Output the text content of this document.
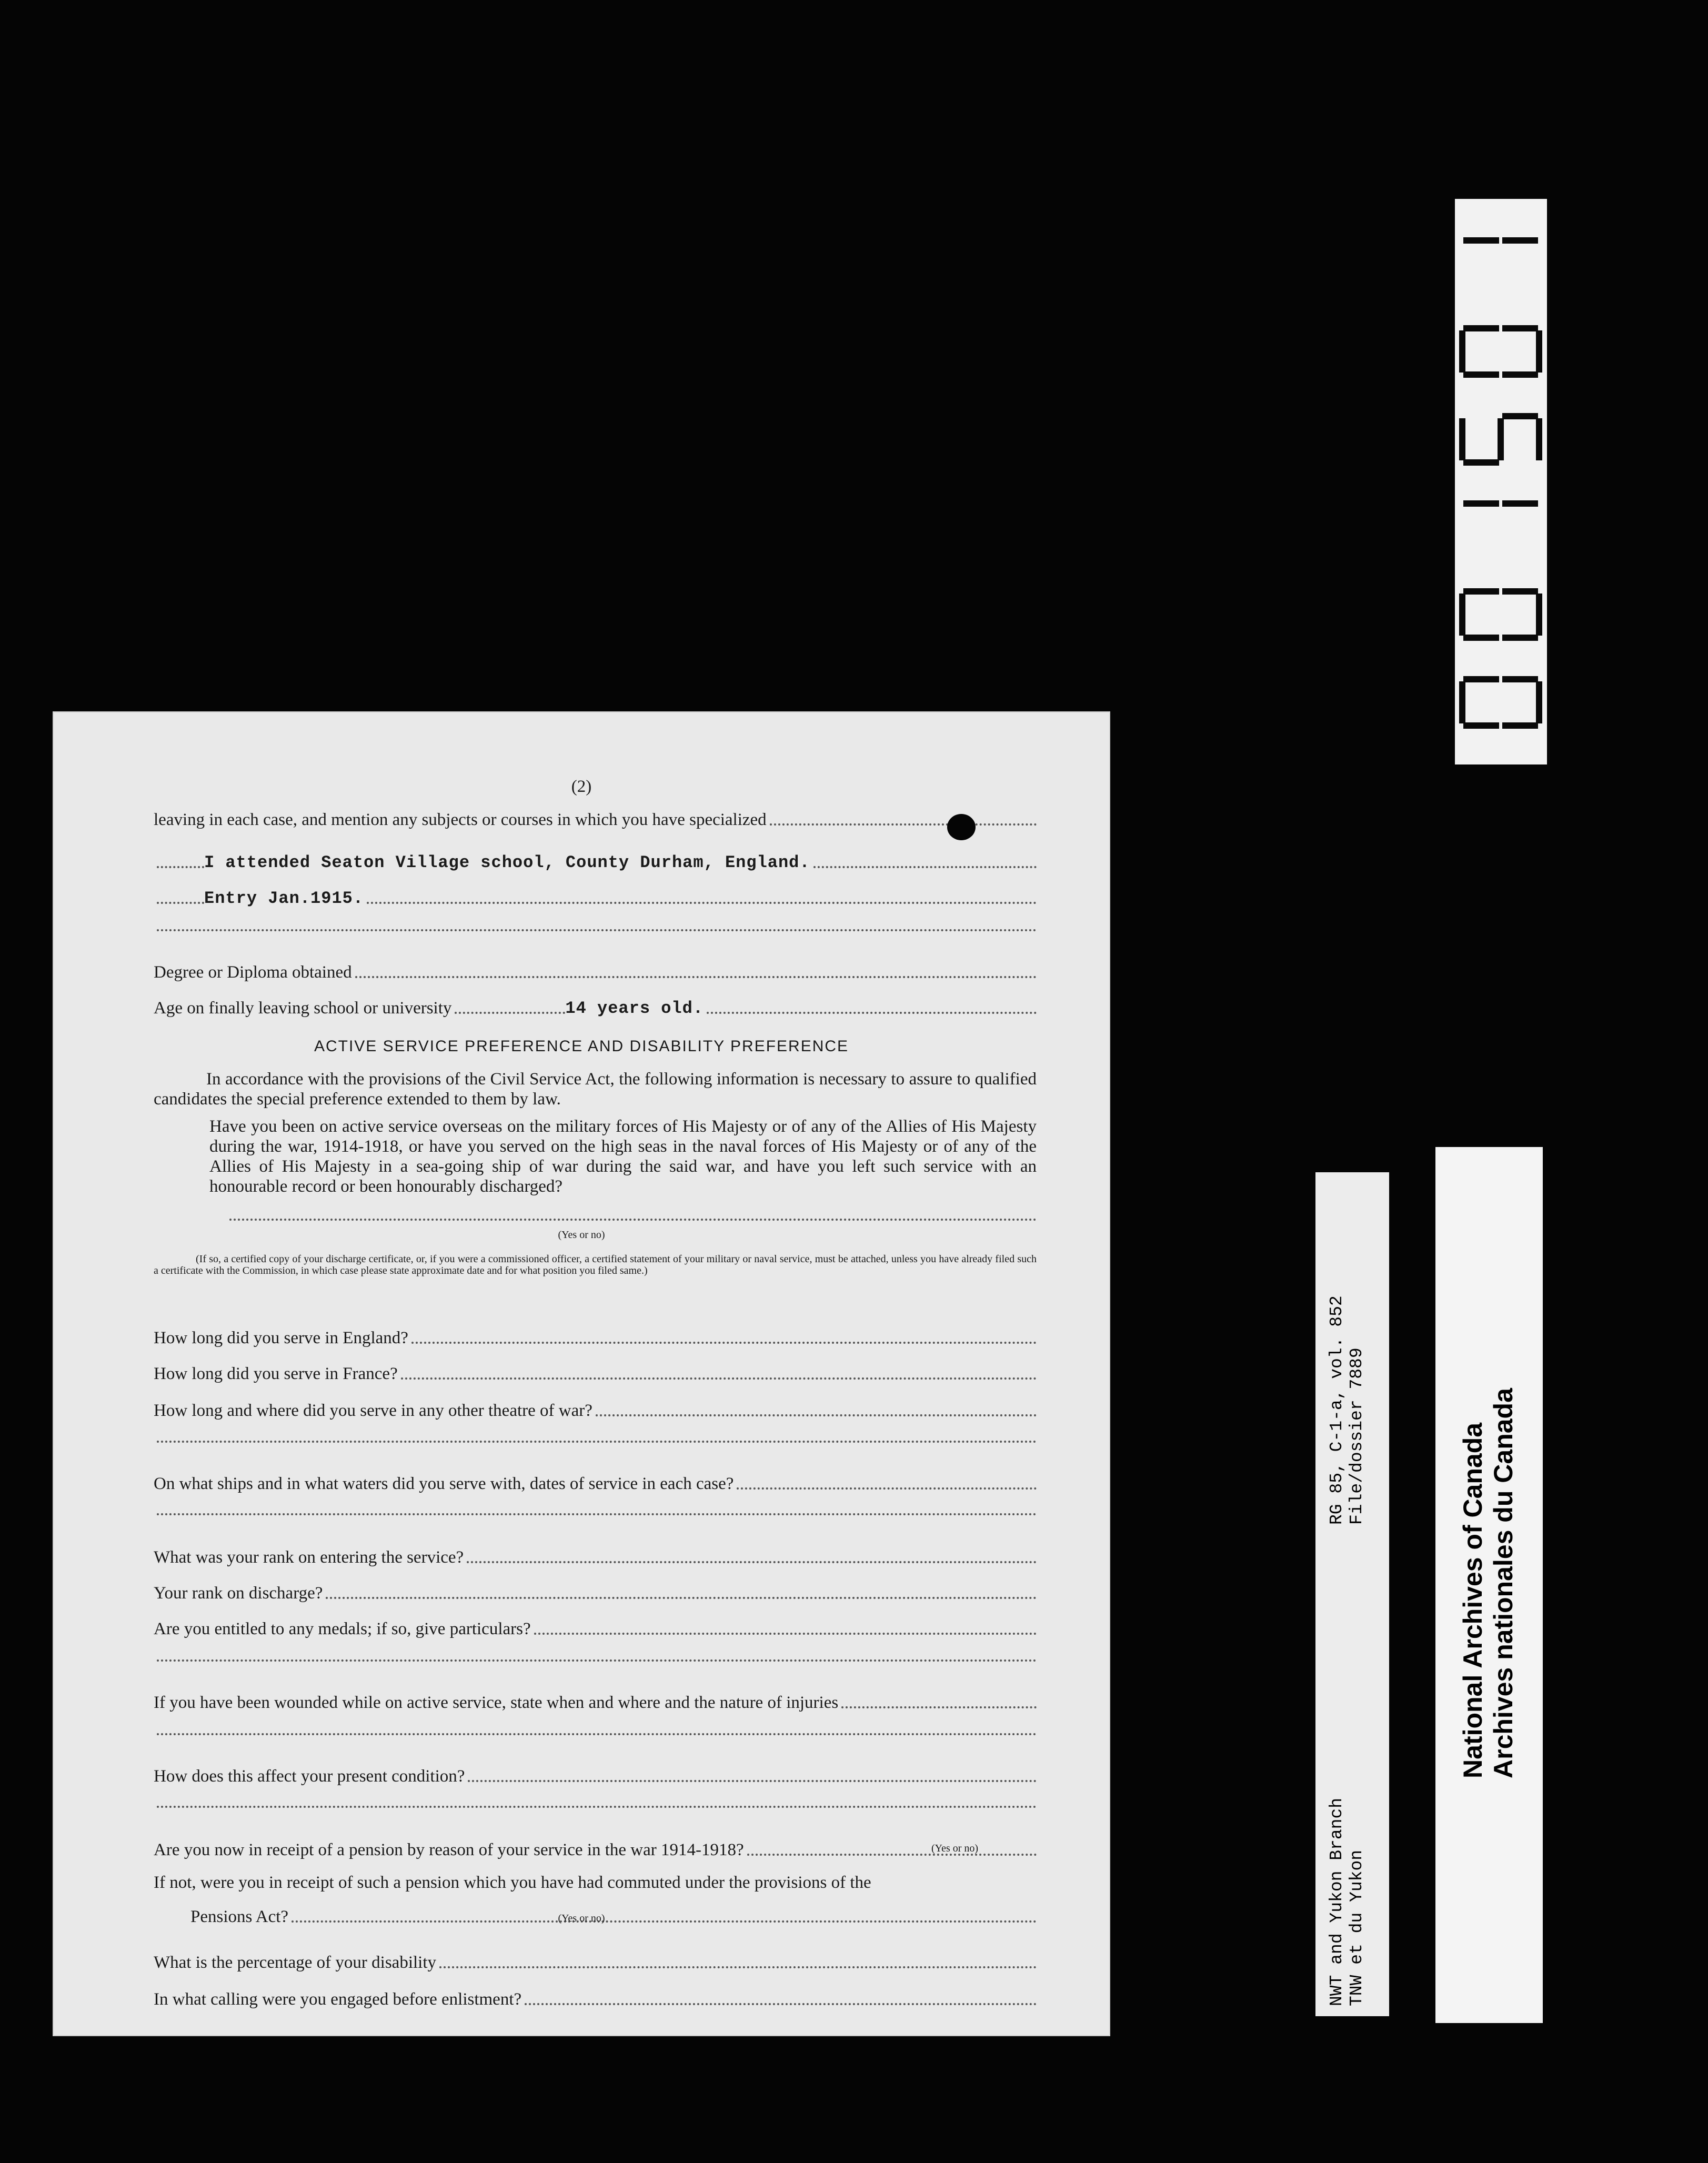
(2)
leaving in each case, and mention any subjects or courses in which you have specialized
I attended Seaton Village school, County Durham, England.
Entry Jan.1915.
Degree or Diploma obtained
Age on finally leaving school or university	14 years old.
ACTIVE SERVICE PREFERENCE AND DISABILITY PREFERENCE
In accordance with the provisions of the Civil Service Act, the following information is necessary to assure to qualified candidates the special preference extended to them by law.
Have you been on active service overseas on the military forces of His Majesty or of any of the Allies of His Majesty during the war, 1914-1918, or have you served on the high seas in the naval forces of His Majesty or of any of the Allies of His Majesty in a sea-going ship of war during the said war, and have you left such service with an honourable record or been honourably discharged?
(Yes or no)
(If so, a certified copy of your discharge certificate, or, if you were a commissioned officer, a certified statement of your military or naval service, must be attached, unless you have already filed such a certificate with the Commission, in which case please state approximate date and for what position you filed same.)
How long did you serve in England?
How long did you serve in France?
How long and where did you serve in any other theatre of war?
On what ships and in what waters did you serve with, dates of service in each case?
What was your rank on entering the service?
Your rank on discharge?
Are you entitled to any medals; if so, give particulars?
If you have been wounded while on active service, state when and where and the nature of injuries
How does this affect your present condition?
Are you now in receipt of a pension by reason of your service in the war 1914-1918?	(Yes or no)
If not, were you in receipt of such a pension which you have had commuted under the provisions of the
Pensions Act?	(Yes or no)
What is the percentage of your disability
In what calling were you engaged before enlistment?	NWT and Yukon Branch TNW et du Yukon
RG 85, C-1-a, vol. 852 File/dossier 7889	National Archives of Canada Archives nationales du Canada
